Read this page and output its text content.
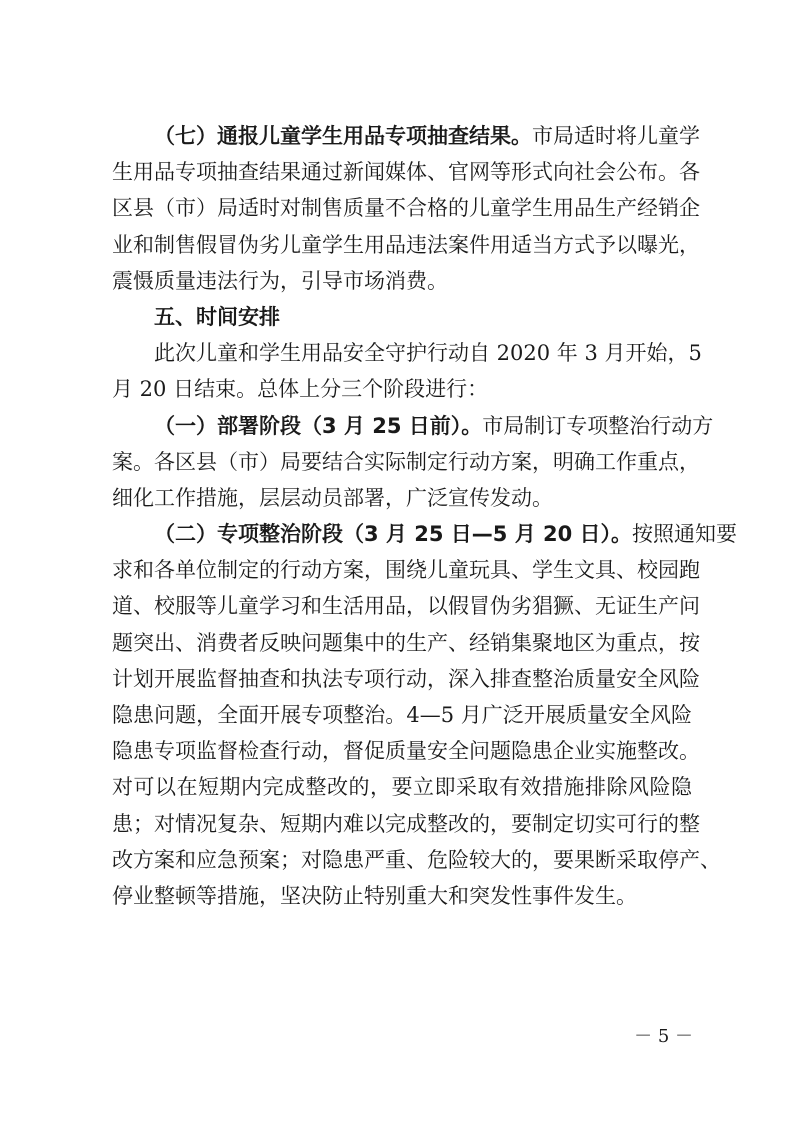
（七）通报儿童学生用品专项抽查结果。市局适时将儿童学
生用品专项抽查结果通过新闻媒体、官网等形式向社会公布。各
区县（市）局适时对制售质量不合格的儿童学生用品生产经销企
业和制售假冒伪劣儿童学生用品违法案件用适当方式予以曝光，
震慑质量违法行为，引导市场消费。
五、时间安排
此次儿童和学生用品安全守护行动自 2020 年 3 月开始，5
月 20 日结束。总体上分三个阶段进行：
（一）部署阶段（3 月 25 日前）。市局制订专项整治行动方
案。各区县（市）局要结合实际制定行动方案，明确工作重点，
细化工作措施，层层动员部署，广泛宣传发动。
（二）专项整治阶段（3 月 25 日—5 月 20 日）。按照通知要
求和各单位制定的行动方案，围绕儿童玩具、学生文具、校园跑
道、校服等儿童学习和生活用品，以假冒伪劣猖獗、无证生产问
题突出、消费者反映问题集中的生产、经销集聚地区为重点，按
计划开展监督抽查和执法专项行动，深入排查整治质量安全风险
隐患问题，全面开展专项整治。4—5 月广泛开展质量安全风险
隐患专项监督检查行动，督促质量安全问题隐患企业实施整改。
对可以在短期内完成整改的，要立即采取有效措施排除风险隐
患；对情况复杂、短期内难以完成整改的，要制定切实可行的整
改方案和应急预案；对隐患严重、危险较大的，要果断采取停产、
停业整顿等措施，坚决防止特别重大和突发性事件发生。
－ 5 －
